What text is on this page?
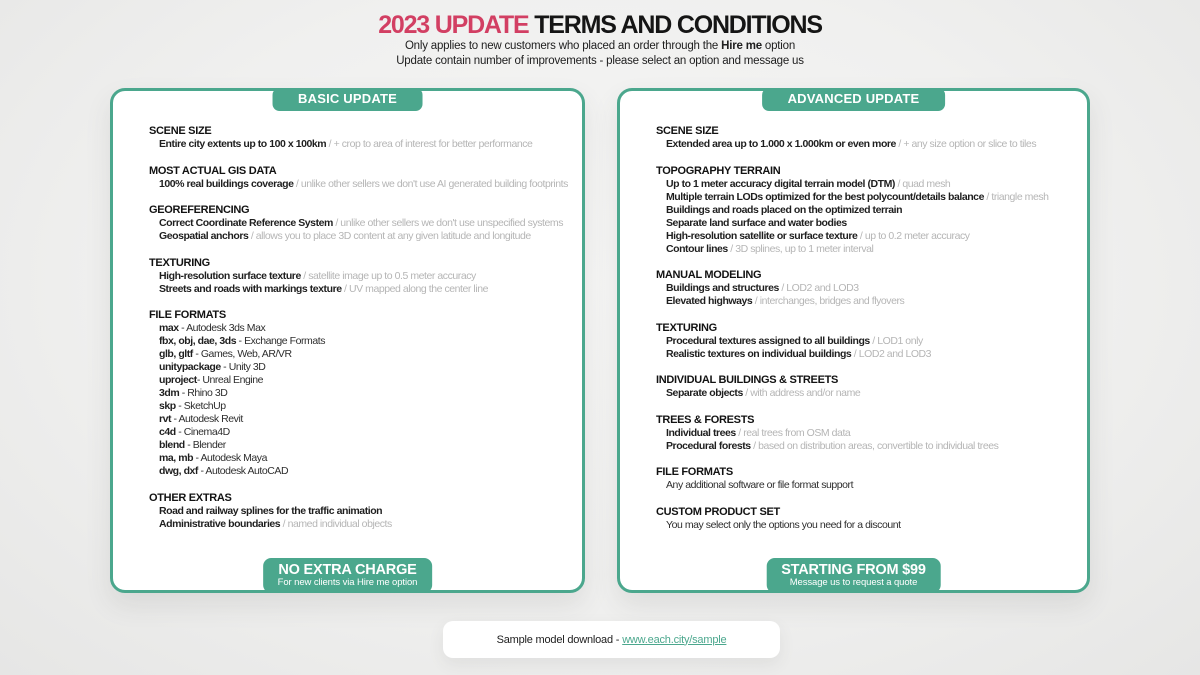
2023 UPDATE TERMS AND CONDITIONS
Only applies to new customers who placed an order through the Hire me option
Update contain number of improvements - please select an option and message us
BASIC UPDATE
SCENE SIZE
Entire city extents up to 100 x 100km / + crop to area of interest for better performance
MOST ACTUAL GIS DATA
100% real buildings coverage / unlike other sellers we don't use AI generated building footprints
GEOREFERENCING
Correct Coordinate Reference System / unlike other sellers we don't use unspecified systems
Geospatial anchors / allows you to place 3D content at any given latitude and longitude
TEXTURING
High-resolution surface texture / satellite image up to 0.5 meter accuracy
Streets and roads with markings texture / UV mapped along the center line
FILE FORMATS
max - Autodesk 3ds Max
fbx, obj, dae, 3ds - Exchange Formats
glb, gltf - Games, Web, AR/VR
unitypackage - Unity 3D
uproject- Unreal Engine
3dm - Rhino 3D
skp - SketchUp
rvt - Autodesk Revit
c4d - Cinema4D
blend - Blender
ma, mb - Autodesk Maya
dwg, dxf - Autodesk AutoCAD
OTHER EXTRAS
Road and railway splines for the traffic animation
Administrative boundaries / named individual objects
NO EXTRA CHARGE
For new clients via Hire me option
ADVANCED UPDATE
SCENE SIZE
Extended area up to 1.000 x 1.000km or even more / + any size option or slice to tiles
TOPOGRAPHY TERRAIN
Up to 1 meter accuracy digital terrain model (DTM) / quad mesh
Multiple terrain LODs optimized for the best polycount/details balance / triangle mesh
Buildings and roads placed on the optimized terrain
Separate land surface and water bodies
High-resolution satellite or surface texture / up to 0.2 meter accuracy
Contour lines / 3D splines, up to 1 meter interval
MANUAL MODELING
Buildings and structures / LOD2 and LOD3
Elevated highways / interchanges, bridges and flyovers
TEXTURING
Procedural textures assigned to all buildings / LOD1 only
Realistic textures on individual buildings / LOD2 and LOD3
INDIVIDUAL BUILDINGS & STREETS
Separate objects / with address and/or name
TREES & FORESTS
Individual trees / real trees from OSM data
Procedural forests / based on distribution areas, convertible to individual trees
FILE FORMATS
Any additional software or file format support
CUSTOM PRODUCT SET
You may select only the options you need for a discount
STARTING FROM $99
Message us to request a quote
Sample model download - www.each.city/sample
